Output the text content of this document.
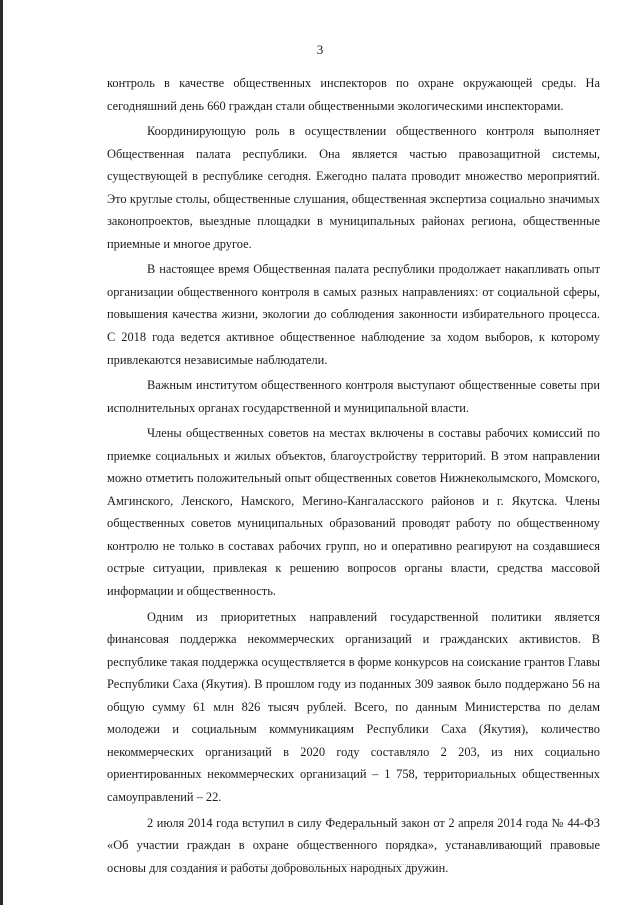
3

контроль в качестве общественных инспекторов по охране окружающей среды. На сегодняшний день 660 граждан стали общественными экологическими инспекторами.

Координирующую роль в осуществлении общественного контроля выполняет Общественная палата республики. Она является частью правозащитной системы, существующей в республике сегодня. Ежегодно палата проводит множество мероприятий. Это круглые столы, общественные слушания, общественная экспертиза социально значимых законопроектов, выездные площадки в муниципальных районах региона, общественные приемные и многое другое.

В настоящее время Общественная палата республики продолжает накапливать опыт организации общественного контроля в самых разных направлениях: от социальной сферы, повышения качества жизни, экологии до соблюдения законности избирательного процесса. С 2018 года ведется активное общественное наблюдение за ходом выборов, к которому привлекаются независимые наблюдатели.

Важным институтом общественного контроля выступают общественные советы при исполнительных органах государственной и муниципальной власти.

Члены общественных советов на местах включены в составы рабочих комиссий по приемке социальных и жилых объектов, благоустройству территорий. В этом направлении можно отметить положительный опыт общественных советов Нижнеколымского, Момского, Амгинского, Ленского, Намского, Мегино-Кангаласского районов и г. Якутска. Члены общественных советов муниципальных образований проводят работу по общественному контролю не только в составах рабочих групп, но и оперативно реагируют на создавшиеся острые ситуации, привлекая к решению вопросов органы власти, средства массовой информации и общественность.

Одним из приоритетных направлений государственной политики является финансовая поддержка некоммерческих организаций и гражданских активистов. В республике такая поддержка осуществляется в форме конкурсов на соискание грантов Главы Республики Саха (Якутия). В прошлом году из поданных 309 заявок было поддержано 56 на общую сумму 61 млн 826 тысяч рублей. Всего, по данным Министерства по делам молодежи и социальным коммуникациям Республики Саха (Якутия), количество некоммерческих организаций в 2020 году составляло 2 203, из них социально ориентированных некоммерческих организаций – 1 758, территориальных общественных самоуправлений – 22.

2 июля 2014 года вступил в силу Федеральный закон от 2 апреля 2014 года № 44-ФЗ «Об участии граждан в охране общественного порядка», устанавливающий правовые основы для создания и работы добровольных народных дружин.
